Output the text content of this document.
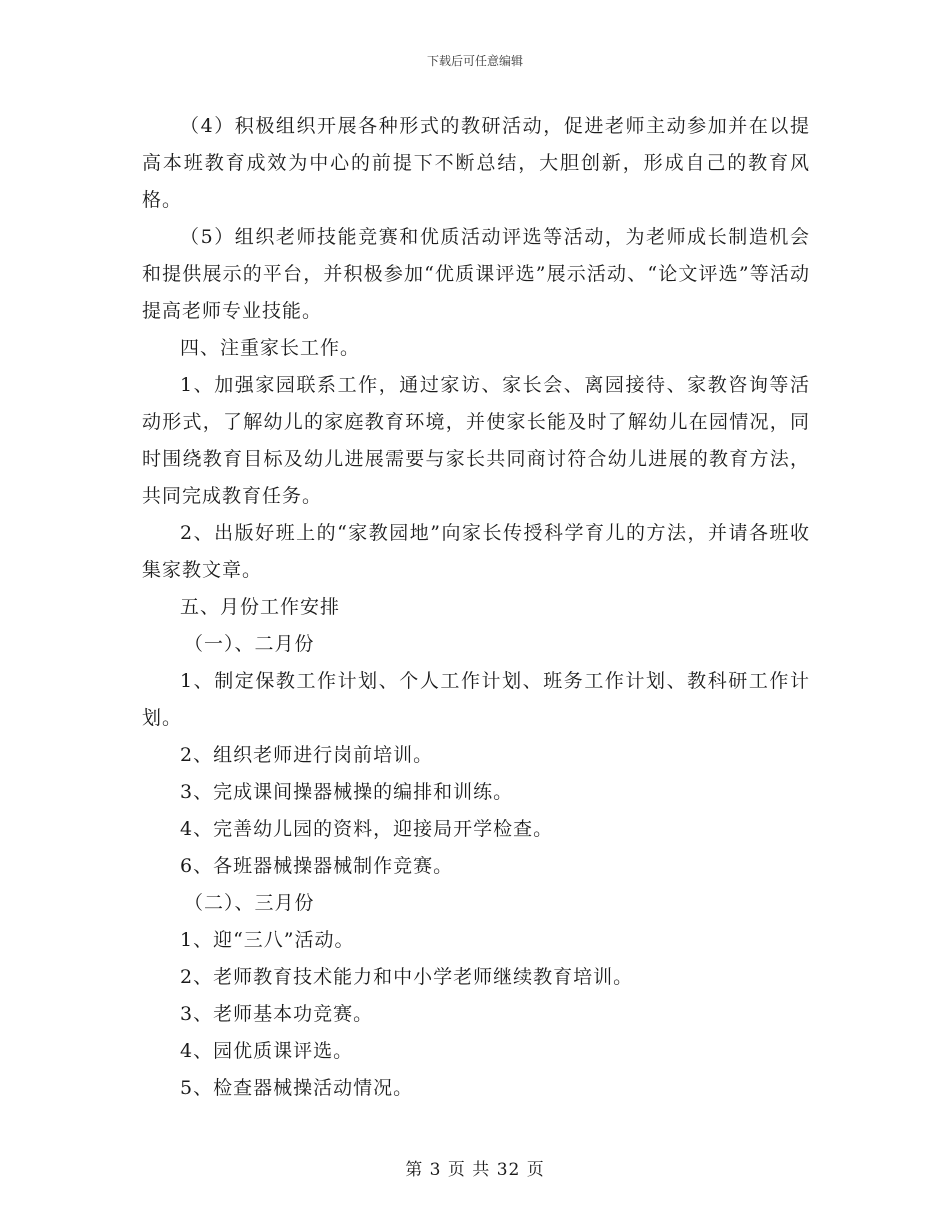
下载后可任意编辑

（4）积极组织开展各种形式的教研活动，促进老师主动参加并在以提高本班教育成效为中心的前提下不断总结，大胆创新，形成自己的教育风格。

（5）组织老师技能竞赛和优质活动评选等活动，为老师成长制造机会和提供展示的平台，并积极参加“优质课评选”展示活动、“论文评选”等活动提高老师专业技能。

四、注重家长工作。

1、加强家园联系工作，通过家访、家长会、离园接待、家教咨询等活动形式，了解幼儿的家庭教育环境，并使家长能及时了解幼儿在园情况，同时围绕教育目标及幼儿进展需要与家长共同商讨符合幼儿进展的教育方法，共同完成教育任务。

2、出版好班上的“家教园地”向家长传授科学育儿的方法，并请各班收集家教文章。

五、月份工作安排

（一）、二月份

1、制定保教工作计划、个人工作计划、班务工作计划、教科研工作计划。

2、组织老师进行岗前培训。

3、完成课间操器械操的编排和训练。

4、完善幼儿园的资料，迎接局开学检查。

6、各班器械操器械制作竞赛。

（二）、三月份

1、迎“三八”活动。

2、老师教育技术能力和中小学老师继续教育培训。

3、老师基本功竞赛。

4、园优质课评选。

5、检查器械操活动情况。

第 3 页 共 32 页
